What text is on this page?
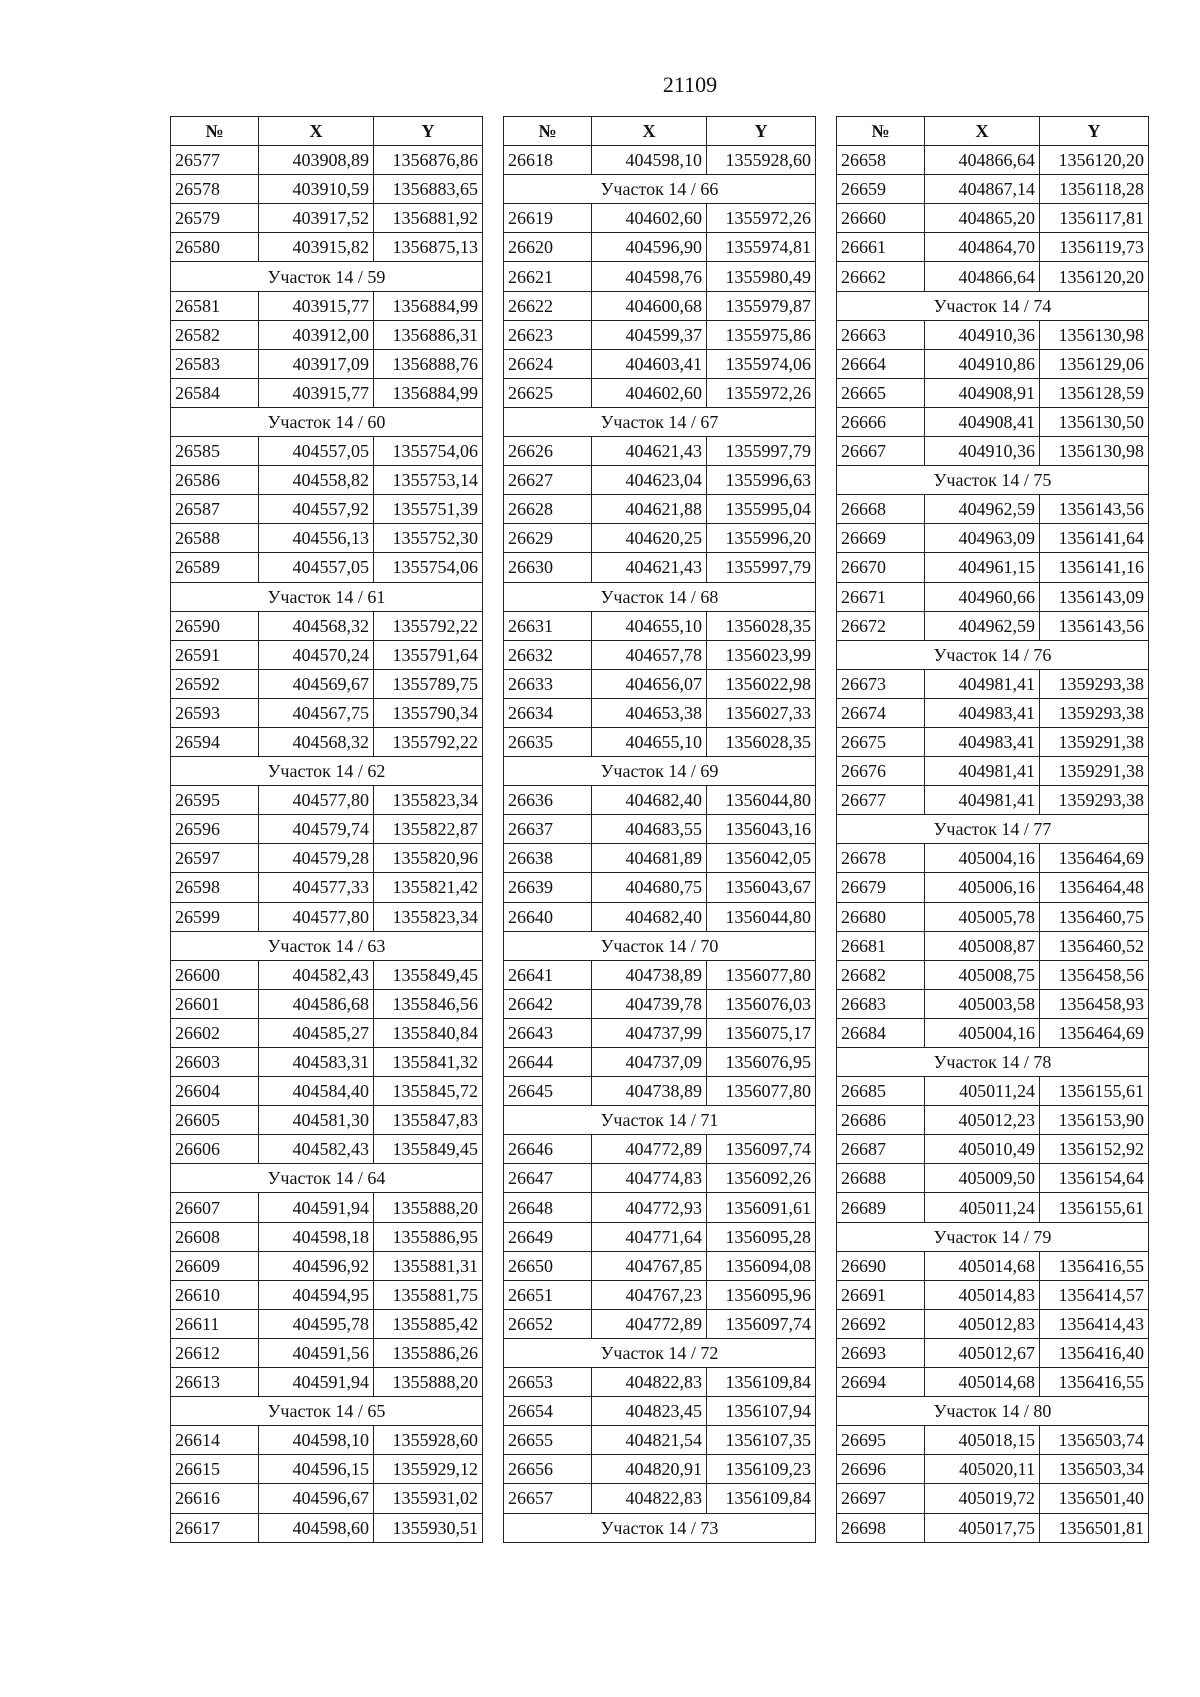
21109
№	X	Y
26577	403908,89	1356876,86
26578	403910,59	1356883,65
26579	403917,52	1356881,92
26580	403915,82	1356875,13
Участок 14 / 59		
26581	403915,77	1356884,99
26582	403912,00	1356886,31
26583	403917,09	1356888,76
26584	403915,77	1356884,99
Участок 14 / 60		
26585	404557,05	1355754,06
26586	404558,82	1355753,14
26587	404557,92	1355751,39
26588	404556,13	1355752,30
26589	404557,05	1355754,06
Участок 14 / 61		
26590	404568,32	1355792,22
26591	404570,24	1355791,64
26592	404569,67	1355789,75
26593	404567,75	1355790,34
26594	404568,32	1355792,22
Участок 14 / 62		
26595	404577,80	1355823,34
26596	404579,74	1355822,87
26597	404579,28	1355820,96
26598	404577,33	1355821,42
26599	404577,80	1355823,34
Участок 14 / 63		
26600	404582,43	1355849,45
26601	404586,68	1355846,56
26602	404585,27	1355840,84
26603	404583,31	1355841,32
26604	404584,40	1355845,72
26605	404581,30	1355847,83
26606	404582,43	1355849,45
Участок 14 / 64		
26607	404591,94	1355888,20
26608	404598,18	1355886,95
26609	404596,92	1355881,31
26610	404594,95	1355881,75
26611	404595,78	1355885,42
26612	404591,56	1355886,26
26613	404591,94	1355888,20
Участок 14 / 65		
26614	404598,10	1355928,60
26615	404596,15	1355929,12
26616	404596,67	1355931,02
26617	404598,60	1355930,51
№	X	Y
26618	404598,10	1355928,60
Участок 14 / 66		
26619	404602,60	1355972,26
26620	404596,90	1355974,81
26621	404598,76	1355980,49
26622	404600,68	1355979,87
26623	404599,37	1355975,86
26624	404603,41	1355974,06
26625	404602,60	1355972,26
Участок 14 / 67		
26626	404621,43	1355997,79
26627	404623,04	1355996,63
26628	404621,88	1355995,04
26629	404620,25	1355996,20
26630	404621,43	1355997,79
Участок 14 / 68		
26631	404655,10	1356028,35
26632	404657,78	1356023,99
26633	404656,07	1356022,98
26634	404653,38	1356027,33
26635	404655,10	1356028,35
Участок 14 / 69		
26636	404682,40	1356044,80
26637	404683,55	1356043,16
26638	404681,89	1356042,05
26639	404680,75	1356043,67
26640	404682,40	1356044,80
Участок 14 / 70		
26641	404738,89	1356077,80
26642	404739,78	1356076,03
26643	404737,99	1356075,17
26644	404737,09	1356076,95
26645	404738,89	1356077,80
Участок 14 / 71		
26646	404772,89	1356097,74
26647	404774,83	1356092,26
26648	404772,93	1356091,61
26649	404771,64	1356095,28
26650	404767,85	1356094,08
26651	404767,23	1356095,96
26652	404772,89	1356097,74
Участок 14 / 72		
26653	404822,83	1356109,84
26654	404823,45	1356107,94
26655	404821,54	1356107,35
26656	404820,91	1356109,23
26657	404822,83	1356109,84
Участок 14 / 73		
№	X	Y
26658	404866,64	1356120,20
26659	404867,14	1356118,28
26660	404865,20	1356117,81
26661	404864,70	1356119,73
26662	404866,64	1356120,20
Участок 14 / 74		
26663	404910,36	1356130,98
26664	404910,86	1356129,06
26665	404908,91	1356128,59
26666	404908,41	1356130,50
26667	404910,36	1356130,98
Участок 14 / 75		
26668	404962,59	1356143,56
26669	404963,09	1356141,64
26670	404961,15	1356141,16
26671	404960,66	1356143,09
26672	404962,59	1356143,56
Участок 14 / 76		
26673	404981,41	1359293,38
26674	404983,41	1359293,38
26675	404983,41	1359291,38
26676	404981,41	1359291,38
26677	404981,41	1359293,38
Участок 14 / 77		
26678	405004,16	1356464,69
26679	405006,16	1356464,48
26680	405005,78	1356460,75
26681	405008,87	1356460,52
26682	405008,75	1356458,56
26683	405003,58	1356458,93
26684	405004,16	1356464,69
Участок 14 / 78		
26685	405011,24	1356155,61
26686	405012,23	1356153,90
26687	405010,49	1356152,92
26688	405009,50	1356154,64
26689	405011,24	1356155,61
Участок 14 / 79		
26690	405014,68	1356416,55
26691	405014,83	1356414,57
26692	405012,83	1356414,43
26693	405012,67	1356416,40
26694	405014,68	1356416,55
Участок 14 / 80		
26695	405018,15	1356503,74
26696	405020,11	1356503,34
26697	405019,72	1356501,40
26698	405017,75	1356501,81
